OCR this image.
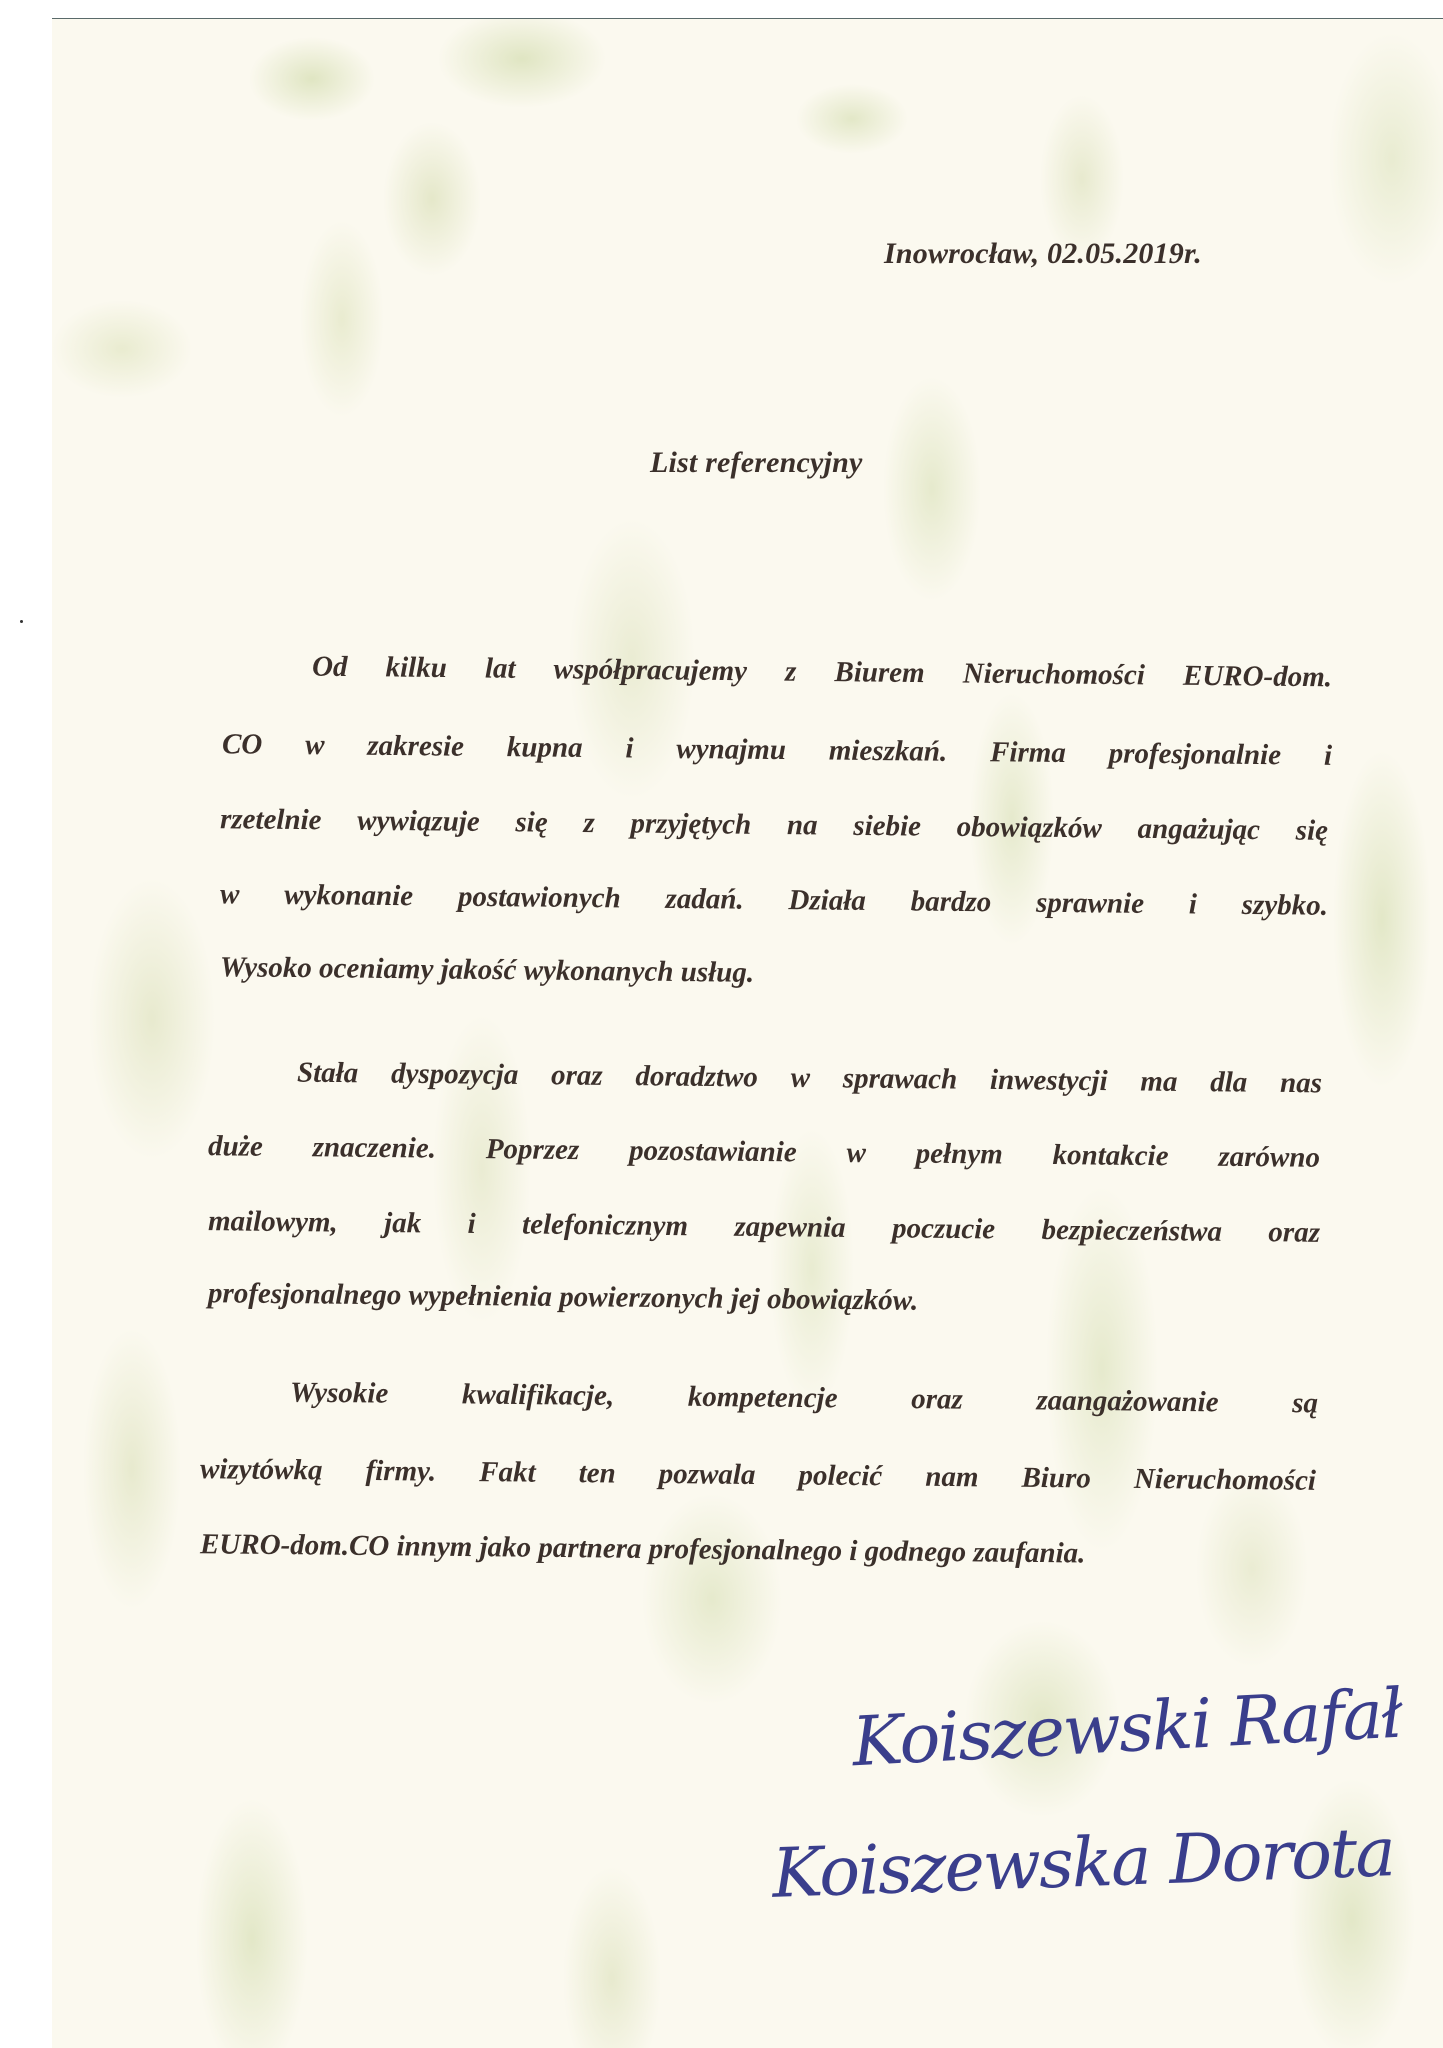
Inowrocław, 02.05.2019r.
List referencyjny
Od kilku lat współpracujemy z Biurem Nieruchomości EURO-dom.
CO w zakresie kupna i wynajmu mieszkań. Firma profesjonalnie i
rzetelnie wywiązuje się z przyjętych na siebie obowiązków angażując się
w wykonanie postawionych zadań. Działa bardzo sprawnie i szybko.
Wysoko oceniamy jakość wykonanych usług.
Stała dyspozycja oraz doradztwo w sprawach inwestycji ma dla nas
duże znaczenie. Poprzez pozostawianie w pełnym kontakcie zarówno
mailowym, jak i telefonicznym zapewnia poczucie bezpieczeństwa oraz
profesjonalnego wypełnienia powierzonych jej obowiązków.
Wysokie kwalifikacje, kompetencje oraz zaangażowanie są
wizytówką firmy. Fakt ten pozwala polecić nam Biuro Nieruchomości
EURO-dom.CO innym jako partnera profesjonalnego i godnego zaufania.
Koiszewski Rafał
Koiszewska Dorota
